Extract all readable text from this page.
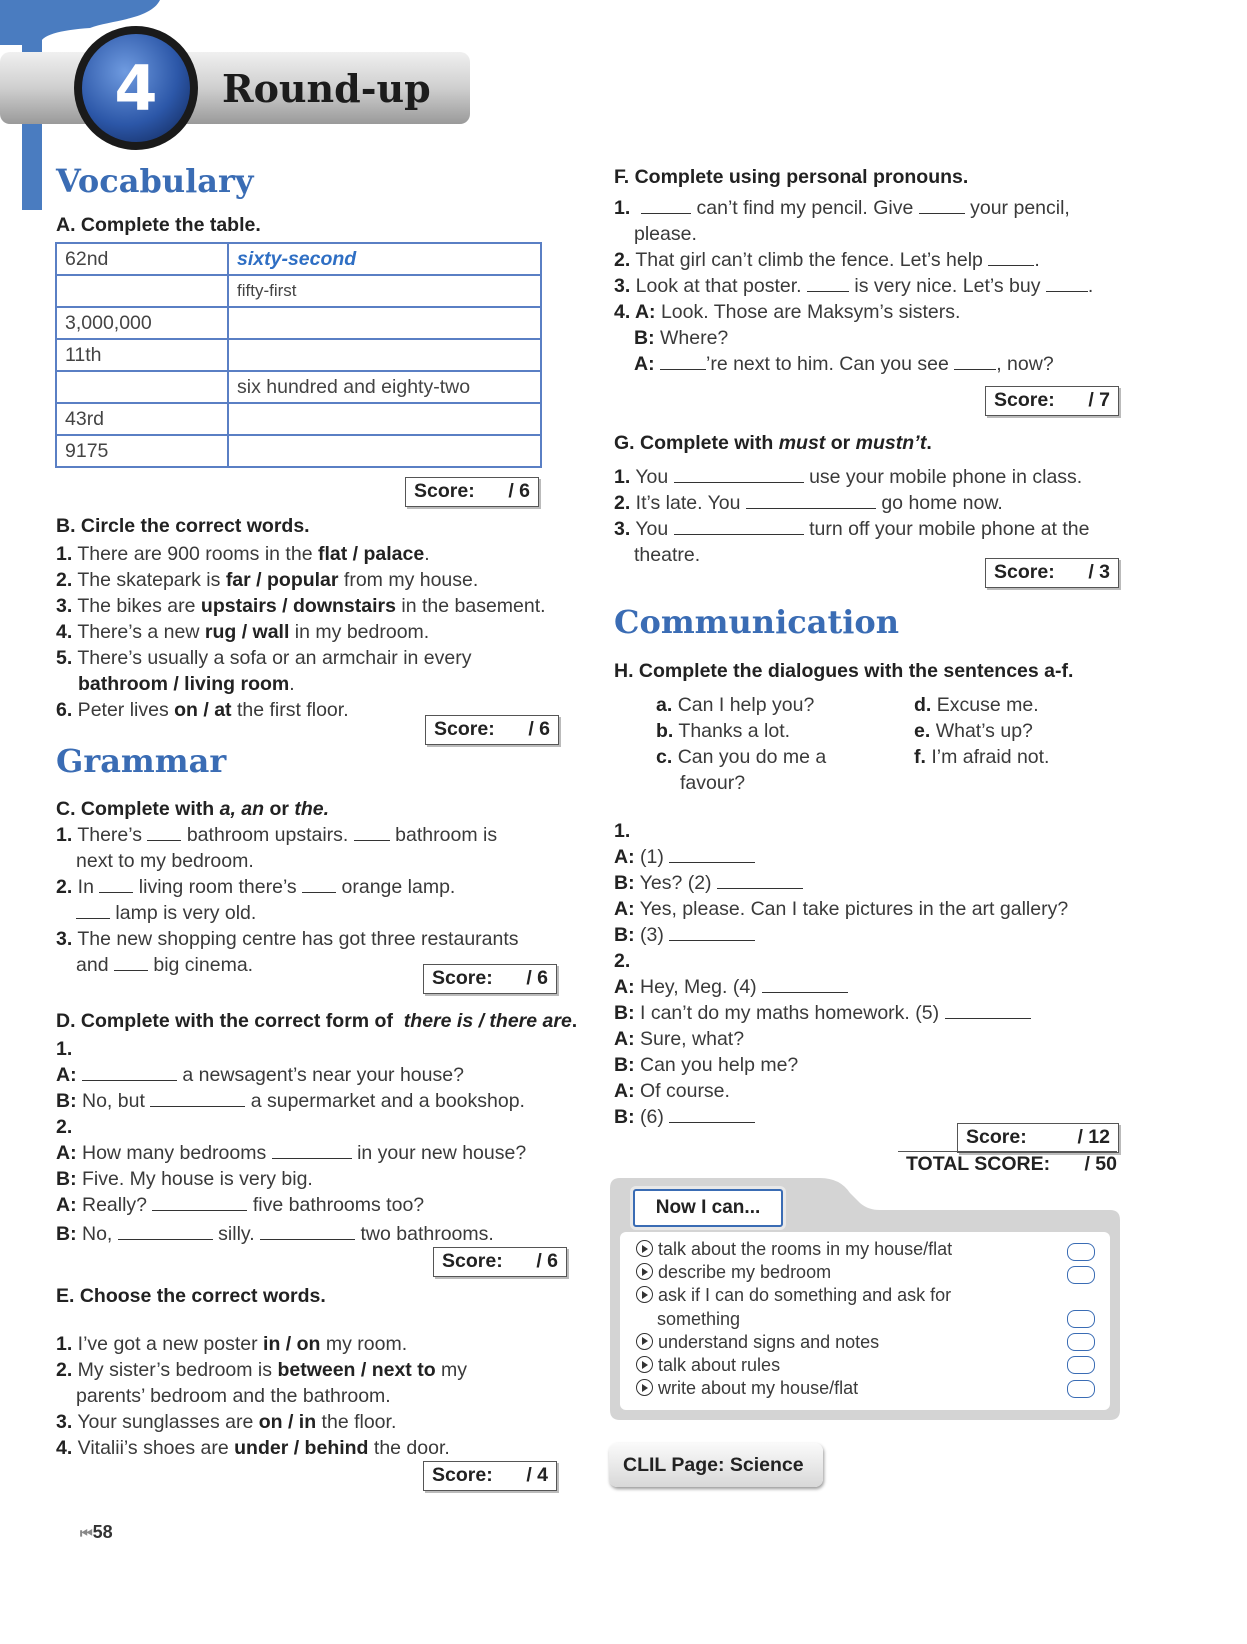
4 Round-up
Vocabulary
A. Complete the table.
62nd	sixty-second
	fifty-first
3,000,000	
11th	
	six hundred and eighty-two
43rd	
9175	
Score: / 6
B. Circle the correct words.
1. There are 900 rooms in the flat / palace.
2. The skatepark is far / popular from my house.
3. The bikes are upstairs / downstairs in the basement.
4. There’s a new rug / wall in my bedroom.
5. There’s usually a sofa or an armchair in every
bathroom / living room.
6. Peter lives on / at the first floor.
Score: / 6
Grammar
C. Complete with a, an or the.
1. There’s  bathroom upstairs.  bathroom is
next to my bedroom.
2. In  living room there’s  orange lamp.
lamp is very old.
3. The new shopping centre has got three restaurants
and  big cinema.
Score: / 6
D. Complete with the correct form of  there is / there are.
1.
A:	a newsagent’s near your house?
B: No, but	a supermarket and a bookshop.
2.
A: How many bedrooms	in your new house?
B: Five. My house is very big.
A: Really?	five bathrooms too?
B: No,	silly.	two bathrooms.
Score: / 6
E. Choose the correct words.
1. I’ve got a new poster in / on my room.
2. My sister’s bedroom is between / next to my
parents’ bedroom and the bathroom.
3. Your sunglasses are on / in the floor.
4. Vitalii’s shoes are under / behind the door.
Score: / 4
F. Complete using personal pronouns.
1.	can’t find my pencil. Give  your pencil,
please.
2. That girl can’t climb the fence. Let’s help .
3. Look at that poster.  is very nice. Let’s buy .
4. A: Look. Those are Maksym’s sisters.
B: Where?
A:	’re next to him. Can you see , now?
Score: / 7
G. Complete with must or mustn’t.
1. You	use your mobile phone in class.
2. It’s late. You	go home now.
3. You	turn off your mobile phone at the
theatre.
Score: / 3
Communication
H. Complete the dialogues with the sentences a-f.
a. Can I help you?
b. Thanks a lot.
c. Can you do me a
favour?
d. Excuse me.
e. What’s up?
f. I’m afraid not.
1.
A: (1)
B: Yes? (2)
A: Yes, please. Can I take pictures in the art gallery?
B: (3)
2.
A: Hey, Meg. (4)
B: I can’t do my maths homework. (5)
A: Sure, what?
B: Can you help me?
A: Of course.
B: (6)
Score:	/ 12
TOTAL SCORE: / 50
Now I can...
talk about the rooms in my house/flat
describe my bedroom
ask if I can do something and ask for
something
understand signs and notes
talk about rules
write about my house/flat
CLIL Page: Science
⏮58
